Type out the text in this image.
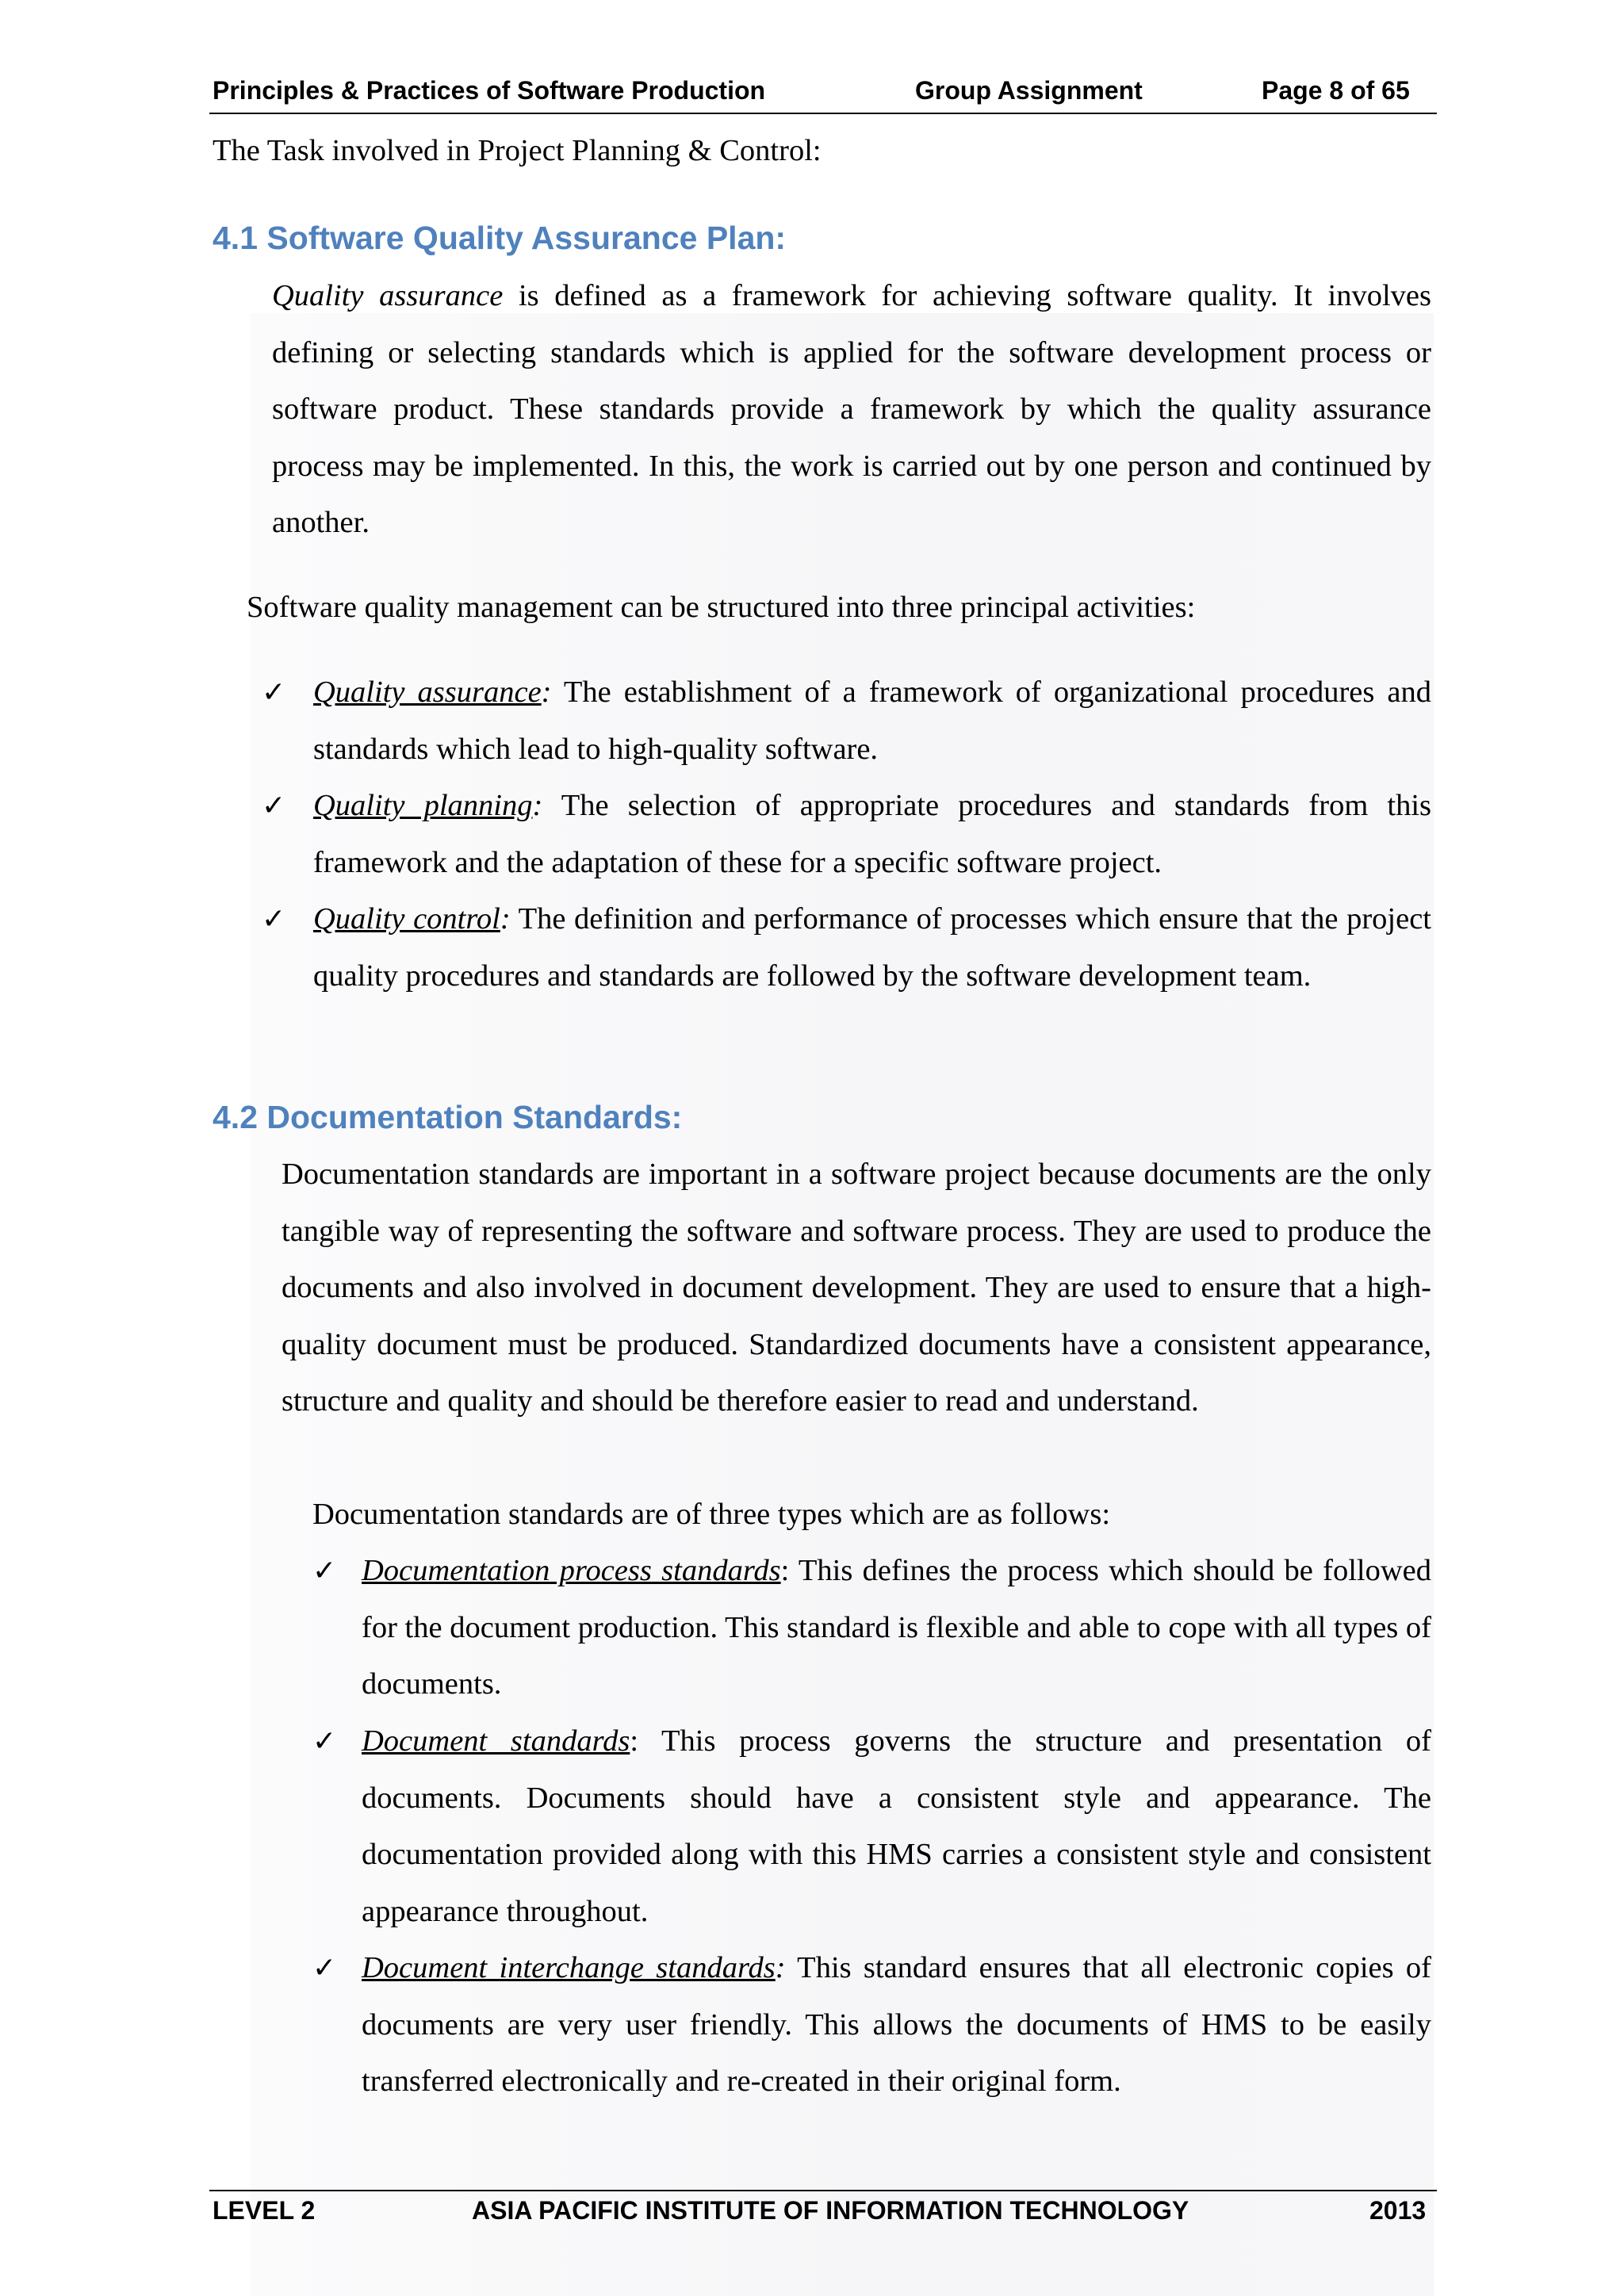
Principles & Practices of Software Production	Group Assignment	Page 8 of 65

The Task involved in Project Planning & Control:

4.1 Software Quality Assurance Plan:

Quality assurance is defined as a framework for achieving software quality. It involves defining or selecting standards which is applied for the software development process or software product. These standards provide a framework by which the quality assurance process may be implemented. In this, the work is carried out by one person and continued by another.

Software quality management can be structured into three principal activities:

✓ Quality assurance: The establishment of a framework of organizational procedures and standards which lead to high-quality software.

✓ Quality planning: The selection of appropriate procedures and standards from this framework and the adaptation of these for a specific software project.

✓ Quality control: The definition and performance of processes which ensure that the project quality procedures and standards are followed by the software development team.

4.2 Documentation Standards:

Documentation standards are important in a software project because documents are the only tangible way of representing the software and software process. They are used to produce the documents and also involved in document development. They are used to ensure that a high-quality document must be produced. Standardized documents have a consistent appearance, structure and quality and should be therefore easier to read and understand.

Documentation standards are of three types which are as follows:

✓ Documentation process standards: This defines the process which should be followed for the document production. This standard is flexible and able to cope with all types of documents.

✓ Document standards: This process governs the structure and presentation of documents. Documents should have a consistent style and appearance. The documentation provided along with this HMS carries a consistent style and consistent appearance throughout.

✓ Document interchange standards: This standard ensures that all electronic copies of documents are very user friendly. This allows the documents of HMS to be easily transferred electronically and re-created in their original form.

LEVEL 2	ASIA PACIFIC INSTITUTE OF INFORMATION TECHNOLOGY	2013
